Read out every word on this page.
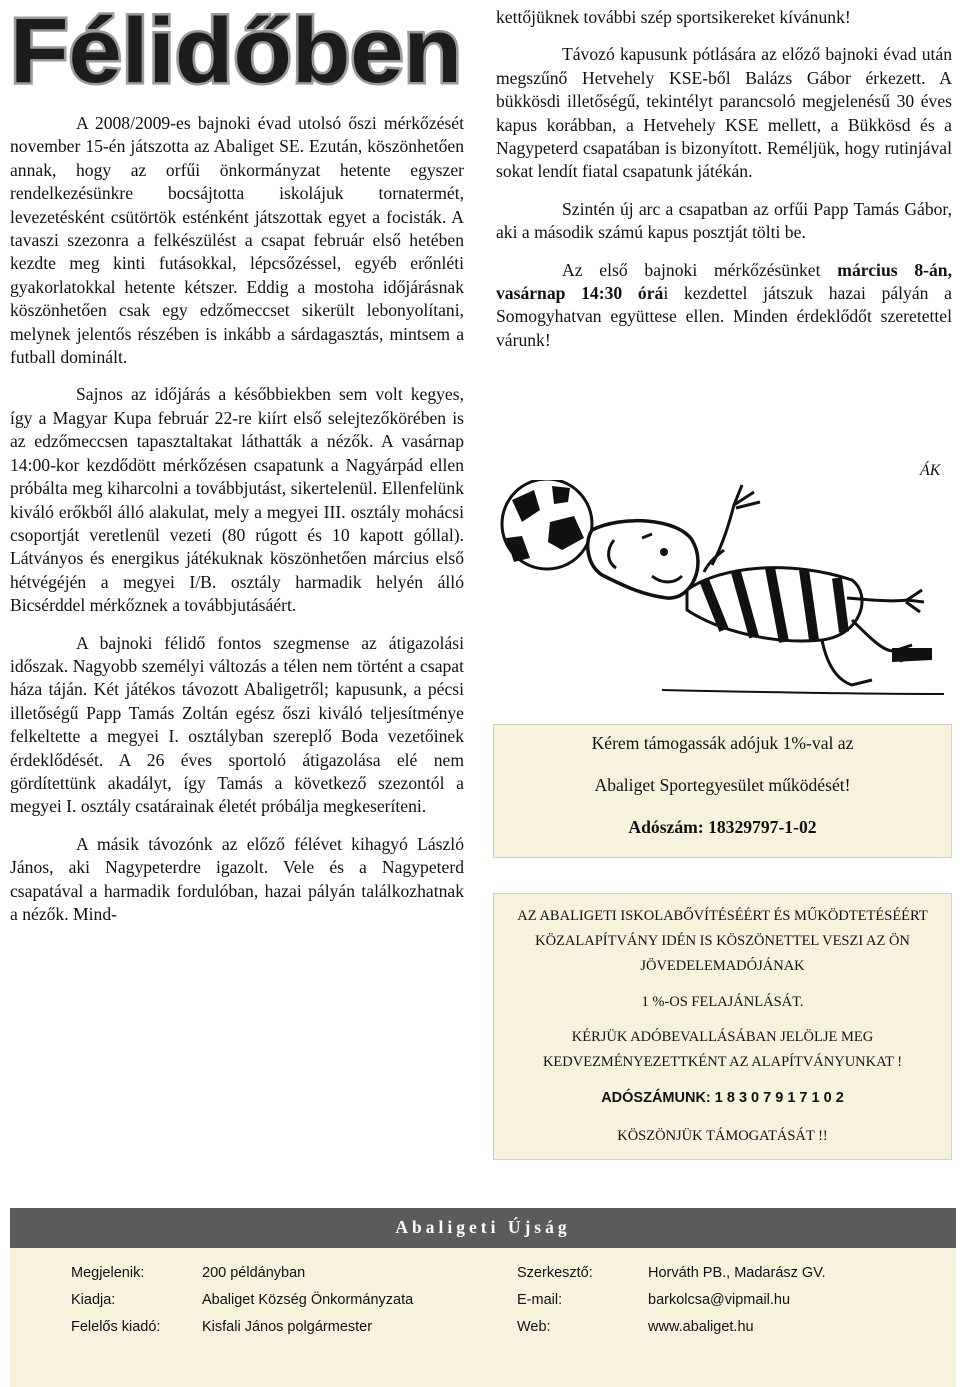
Félidőben

A 2008/2009-es bajnoki évad utolsó őszi mérkőzését november 15-én játszotta az Abaliget SE. Ezután, köszönhetően annak, hogy az orfűi önkormányzat hetente egyszer rendelkezésünkre bocsájtotta iskolájuk tornatermét, levezetésként csütörtök esténként játszottak egyet a focisták. A tavaszi szezonra a felkészülést a csapat február első hetében kezdte meg kinti futásokkal, lépcsőzéssel, egyéb erőnléti gyakorlatokkal hetente kétszer. Eddig a mostoha időjárásnak köszönhetően csak egy edzőmeccset sikerült lebonyolítani, melynek jelentős részében is inkább a sárdagasztás, mintsem a futball dominált.

Sajnos az időjárás a későbbiekben sem volt kegyes, így a Magyar Kupa február 22-re kiírt első selejtezőkörében is az edzőmeccsen tapasztaltakat láthatták a nézők. A vasárnap 14:00-kor kezdődött mérkőzésen csapatunk a Nagyárpád ellen próbálta meg kiharcolni a továbbjutást, sikertelenül. Ellenfelünk kiváló erőkből álló alakulat, mely a megyei III. osztály mohácsi csoportját veretlenül vezeti (80 rúgott és 10 kapott góllal). Látványos és energikus játékuknak köszönhetően március első hétvégéjén a megyei I/B. osztály harmadik helyén álló Bicsérddel mérkőznek a továbbjutásáért.

A bajnoki félidő fontos szegmense az átigazolási időszak. Nagyobb személyi változás a télen nem történt a csapat háza táján. Két játékos távozott Abaligetről; kapusunk, a pécsi illetőségű Papp Tamás Zoltán egész őszi kiváló teljesítménye felkeltette a megyei I. osztályban szereplő Boda vezetőinek érdeklődését. A 26 éves sportoló átigazolása elé nem gördítettünk akadályt, így Tamás a következő szezontól a megyei I. osztály csatárainak életét próbálja megkeseríteni.

A másik távozónk az előző félévet kihagyó László János, aki Nagypeterdre igazolt. Vele és a Nagypeterd csapatával a harmadik fordulóban, hazai pályán találkozhatnak a nézők. Mind-

kettőjüknek további szép sportsikereket kívánunk!

Távozó kapusunk pótlására az előző bajnoki évad után megszűnő Hetvehely KSE-ből Balázs Gábor érkezett. A bükkösdi illetőségű, tekintélyt parancsoló megjelenésű 30 éves kapus korábban, a Hetvehely KSE mellett, a Bükkösd és a Nagypeterd csapatában is bizonyított. Reméljük, hogy rutinjával sokat lendít fiatal csapatunk játékán.

Szintén új arc a csapatban az orfűi Papp Tamás Gábor, aki a második számú kapus posztját tölti be.

Az első bajnoki mérkőzésünket március 8-án, vasárnap 14:30 órái kezdettel játszuk hazai pályán a Somogyhatvan együttese ellen. Minden érdeklődőt szeretettel várunk!

ÁK
Kérem támogassák adójuk 1%-val az
Abaliget Sportegyesület működését!
Adószám: 18329797-1-02
AZ ABALIGETI ISKOLABŐVÍTÉSÉÉRT ÉS MŰKÖDTETÉSÉÉRT KÖZALAPÍTVÁNY IDÉN IS KÖSZÖNETTEL VESZI AZ ÖN JÖVEDELEMADÓJÁNAK
1 %-OS FELAJÁNLÁSÁT.
KÉRJÜK ADÓBEVALLÁSÁBAN JELÖLJE MEG KEDVEZMÉNYEZETTKÉNT AZ ALAPÍTVÁNYUNKAT !
ADÓSZÁMUNK: 1 8 3 0 7 9 1 7 1 0 2
KÖSZÖNJÜK TÁMOGATÁSÁT !!
Abaligeti Újság
Megjelenik:	200 példányban	Szerkesztő:	Horváth PB., Madarász GV.
Kiadja:	Abaliget Község Önkormányzata	E-mail:	barkolcsa@vipmail.hu
Felelős kiadó:	Kisfali János polgármester	Web:	www.abaliget.hu
